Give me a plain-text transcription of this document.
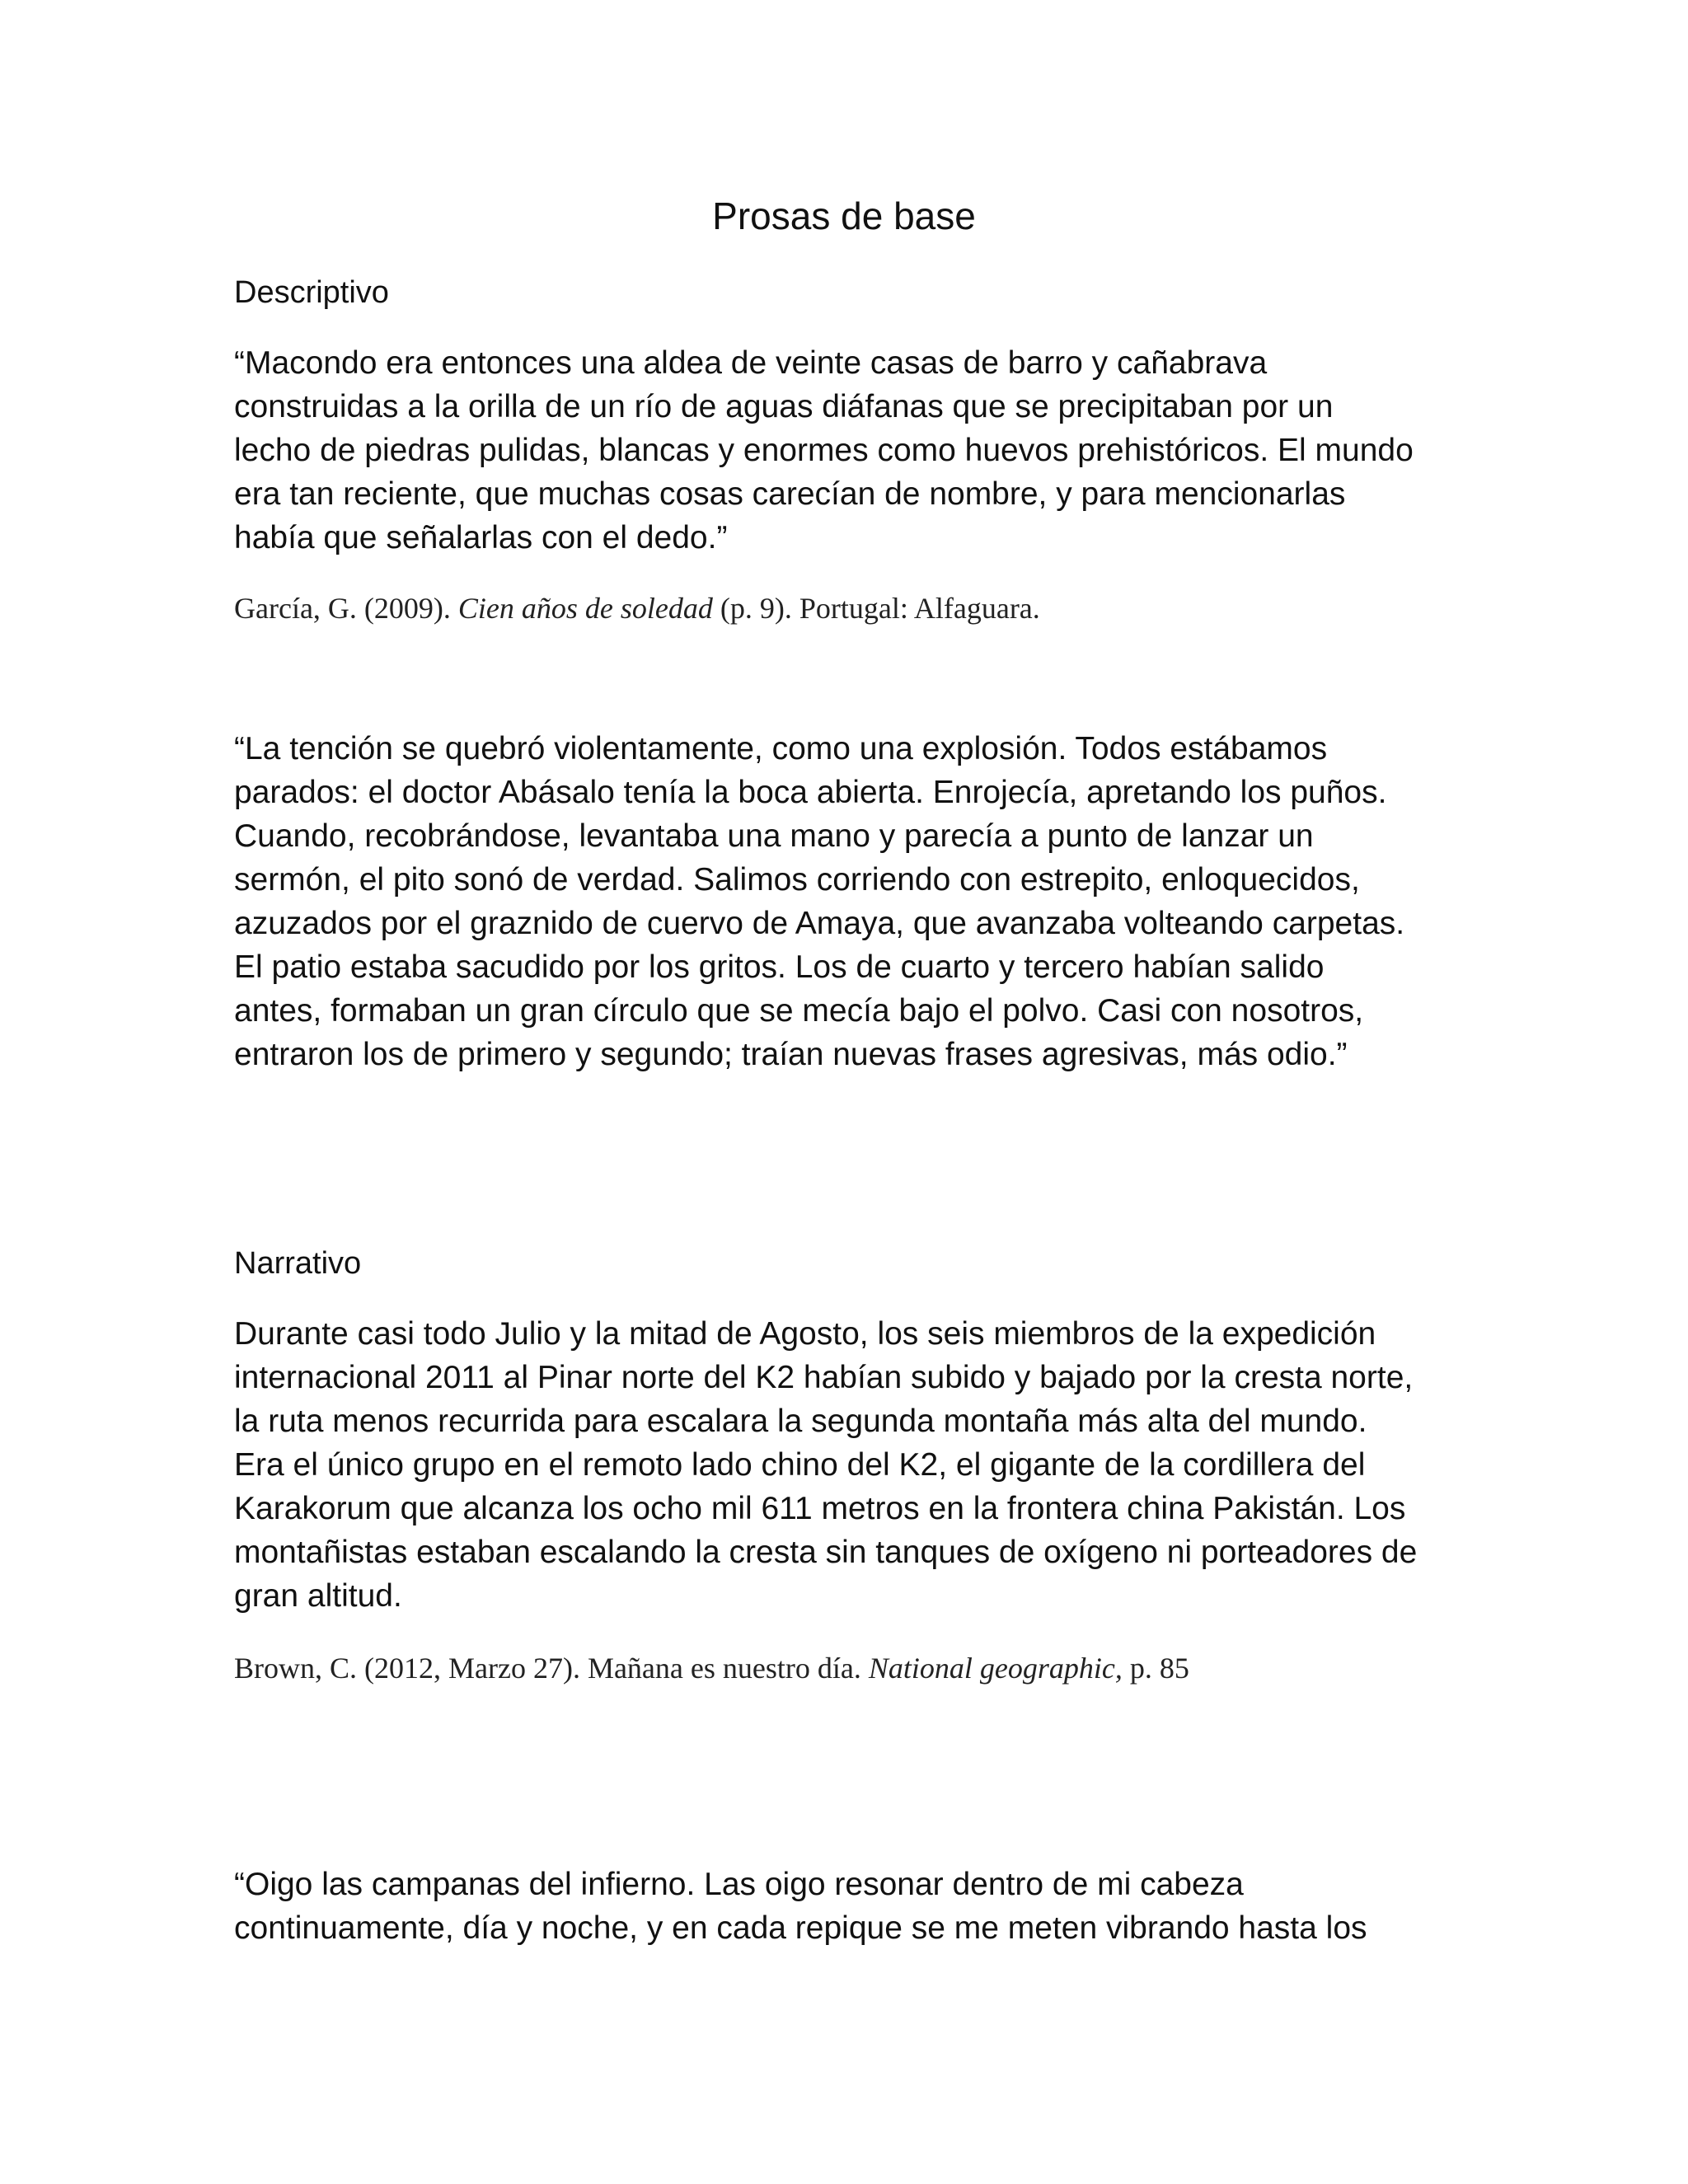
Prosas de base
Descriptivo
“Macondo era entonces una aldea de veinte casas de barro y cañabrava
construidas a la orilla de un río de aguas diáfanas que se precipitaban por un
lecho de piedras pulidas, blancas y enormes como huevos prehistóricos. El mundo
era tan reciente, que muchas cosas carecían de nombre, y para mencionarlas
había que señalarlas con el dedo.”

García, G. (2009). Cien años de soledad (p. 9). Portugal: Alfaguara.

“La tención se quebró violentamente, como una explosión. Todos estábamos
parados: el doctor Abásalo tenía la boca abierta. Enrojecía, apretando los puños.
Cuando, recobrándose, levantaba una mano y parecía a punto de lanzar un
sermón, el pito sonó de verdad. Salimos corriendo con estrepito, enloquecidos,
azuzados por el graznido de cuervo de Amaya, que avanzaba volteando carpetas.
El patio estaba sacudido por los gritos. Los de cuarto y tercero habían salido
antes, formaban un gran círculo que se mecía bajo el polvo. Casi con nosotros,
entraron los de primero y segundo; traían nuevas frases agresivas, más odio.”
Narrativo
Durante casi todo Julio y la mitad de Agosto, los seis miembros de la expedición
internacional 2011 al Pinar norte del K2 habían subido y bajado por la cresta norte,
la ruta menos recurrida para escalara la segunda montaña más alta del mundo.
Era el único grupo en el remoto lado chino del K2, el gigante de la cordillera del
Karakorum que alcanza los ocho mil 611 metros en la frontera china Pakistán. Los
montañistas estaban escalando la cresta sin tanques de oxígeno ni porteadores de
gran altitud.

Brown, C. (2012, Marzo 27). Mañana es nuestro día. National geographic, p. 85

“Oigo las campanas del infierno. Las oigo resonar dentro de mi cabeza
continuamente, día y noche, y en cada repique se me meten vibrando hasta los
